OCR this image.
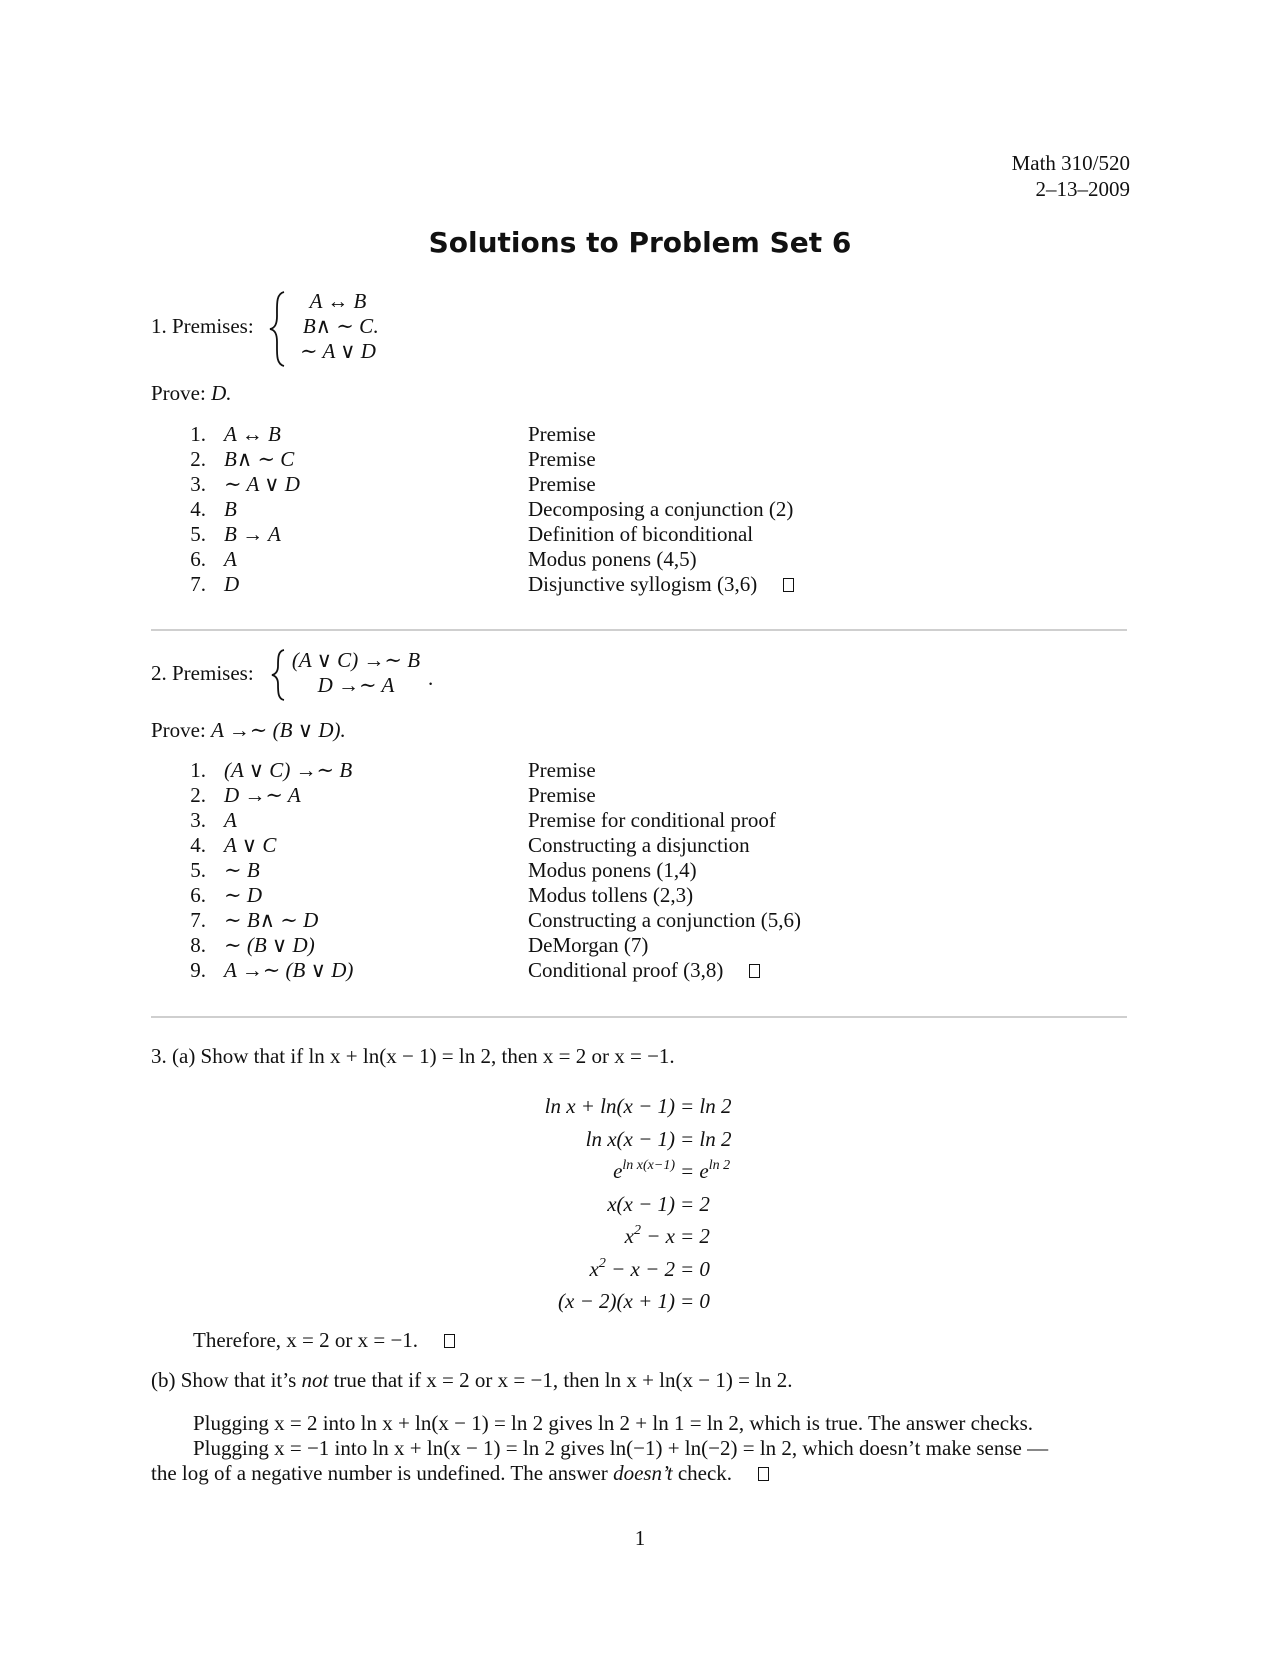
Math 310/520
2–13–2009
Solutions to Problem Set 6
1. Premises:
A ↔ B
B∧ ∼ C
∼ A ∨ D
.
Prove: D.
1. A ↔ B
2. B∧ ∼ C
3. ∼ A ∨ D
4. B
5. B → A
6. A
7. D
Premise
Premise
Premise
Decomposing a conjunction (2)
Definition of biconditional
Modus ponens (4,5)
Disjunctive syllogism (3,6)
2. Premises:
(A ∨ C) →∼ B
D →∼ A	.
Prove: A →∼ (B ∨ D).
1. (A ∨ C) →∼ B
2. D →∼ A
3. A
4. A ∨ C
5. ∼ B
6. ∼ D
7. ∼ B∧ ∼ D
8. ∼ (B ∨ D)
9. A →∼ (B ∨ D)
Premise
Premise
Premise for conditional proof
Constructing a disjunction
Modus ponens (1,4)
Modus tollens (2,3)
Constructing a conjunction (5,6)
DeMorgan (7)
Conditional proof (3,8)
3. (a) Show that if ln x + ln(x − 1) = ln 2, then x = 2 or x = −1.
ln x + ln(x − 1) = ln 2
ln x(x − 1) = ln 2
$e^{ln x(x-1)} = e^{ln 2}$
x(x − 1) = 2
$x^2 - x = 2$
$x^2 - x - 2 = 0$
(x − 2)(x + 1) = 0
Therefore, x = 2 or x = −1.
(b) Show that it’s not true that if x = 2 or x = −1, then ln x + ln(x − 1) = ln 2.
Plugging x = 2 into ln x + ln(x − 1) = ln 2 gives ln 2 + ln 1 = ln 2, which is true. The answer checks.
Plugging x = −1 into ln x + ln(x − 1) = ln 2 gives ln(−1) + ln(−2) = ln 2, which doesn’t make sense —
the log of a negative number is undefined. The answer doesn’t check.
1
